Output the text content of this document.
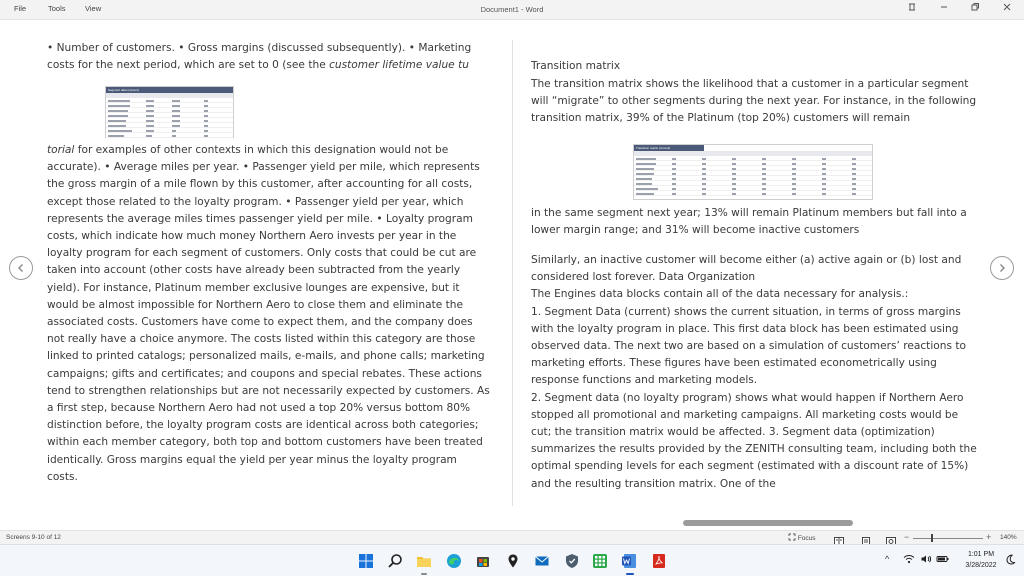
File	Tools	View	Document1 - Word
• Number of customers. • Gross margins (discussed subsequently). • Marketing
costs for the next period, which are set to 0 (see the customer lifetime value tu
Segment data (current)
torial for examples of other contexts in which this designation would not be accurate). • Average miles per year. • Passenger yield per mile, which represents the gross margin of a mile flown by this customer, after accounting for all costs, except those related to the loyalty program. • Passenger yield per year, which represents the average miles times passenger yield per mile. • Loyalty program costs, which indicate how much money Northern Aero invests per year in the loyalty program for each segment of customers. Only costs that could be cut are taken into account (other costs have already been subtracted from the yearly yield). For instance, Platinum member exclusive lounges are expensive, but it would be almost impossible for Northern Aero to close them and eliminate the associated costs. Customers have come to expect them, and the company does not really have a choice anymore. The costs listed within this category are those linked to printed catalogs; personalized mails, e-mails, and phone calls; marketing campaigns; gifts and certificates; and coupons and special rebates. These actions tend to strengthen relationships but are not necessarily expected by customers. As a first step, because Northern Aero had not used a top 20% versus bottom 80% distinction before, the loyalty program costs are identical across both categories; within each member category, both top and bottom customers have been treated identically. Gross margins equal the yield per year minus the loyalty program costs.
Transition matrix
The transition matrix shows the likelihood that a customer in a particular segment will “migrate” to other segments during the next year. For instance, in the following transition matrix, 39% of the Platinum (top 20%) customers will remain
Transition matrix (current)
in the same segment next year; 13% will remain Platinum members but fall into a lower margin range; and 31% will become inactive customers
Similarly, an inactive customer will become either (a) active again or (b) lost and considered lost forever. Data Organization
The Engines data blocks contain all of the data necessary for analysis.:
1. Segment Data (current) shows the current situation, in terms of gross margins with the loyalty program in place. This first data block has been estimated using observed data. The next two are based on a simulation of customers’ reactions to marketing efforts. These figures have been estimated econometrically using response functions and marketing models.
2. Segment data (no loyalty program) shows what would happen if Northern Aero stopped all promotional and marketing campaigns. All marketing costs would be cut; the transition matrix would be affected. 3. Segment data (optimization) summarizes the results provided by the ZENITH consulting team, including both the optimal spending levels for each segment (estimated with a discount rate of 15%) and the resulting transition matrix. One of the
Screens 9-10 of 12	Focus	−	+ 140%
^	1:01 PM
3/28/2022
